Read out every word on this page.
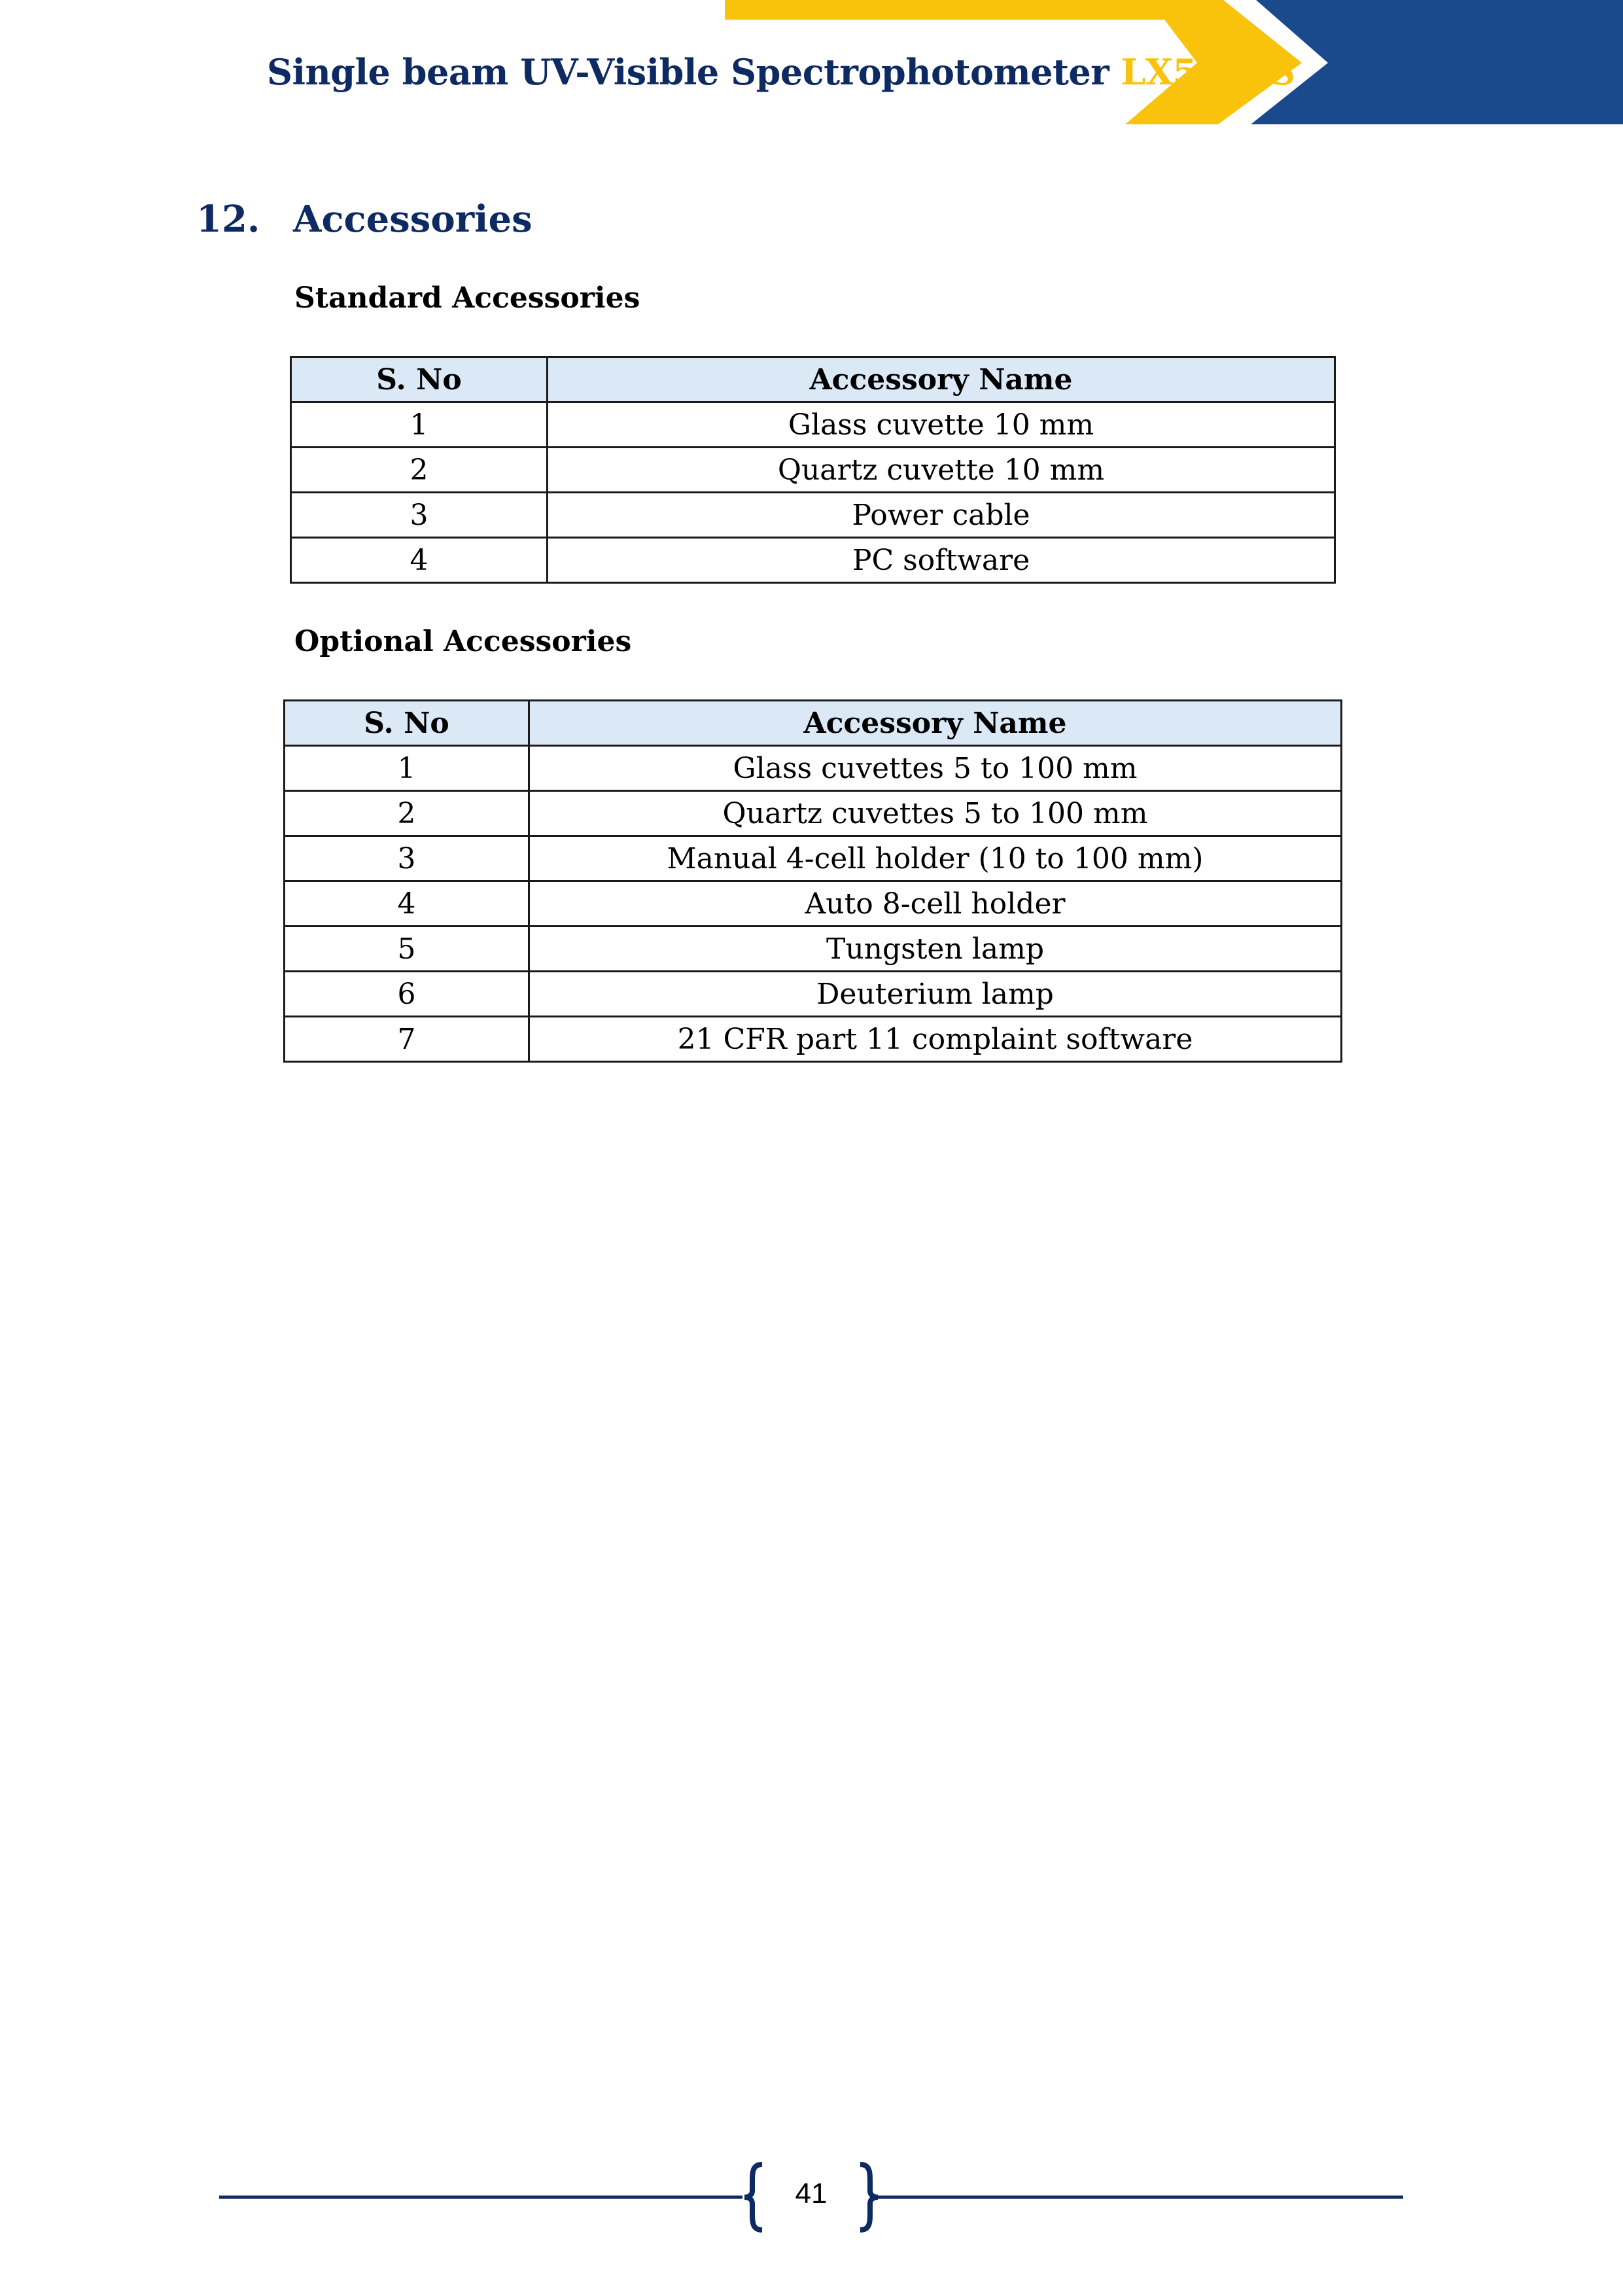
Single beam UV-Visible Spectrophotometer LX511SS
12. Accessories
Standard Accessories
S. No	Accessory Name
1	Glass cuvette 10 mm
2	Quartz cuvette 10 mm
3	Power cable
4	PC software
Optional Accessories
S. No	Accessory Name
1	Glass cuvettes 5 to 100 mm
2	Quartz cuvettes 5 to 100 mm
3	Manual 4-cell holder (10 to 100 mm)
4	Auto 8-cell holder
5	Tungsten lamp
6	Deuterium lamp
7	21 CFR part 11 complaint software
41
